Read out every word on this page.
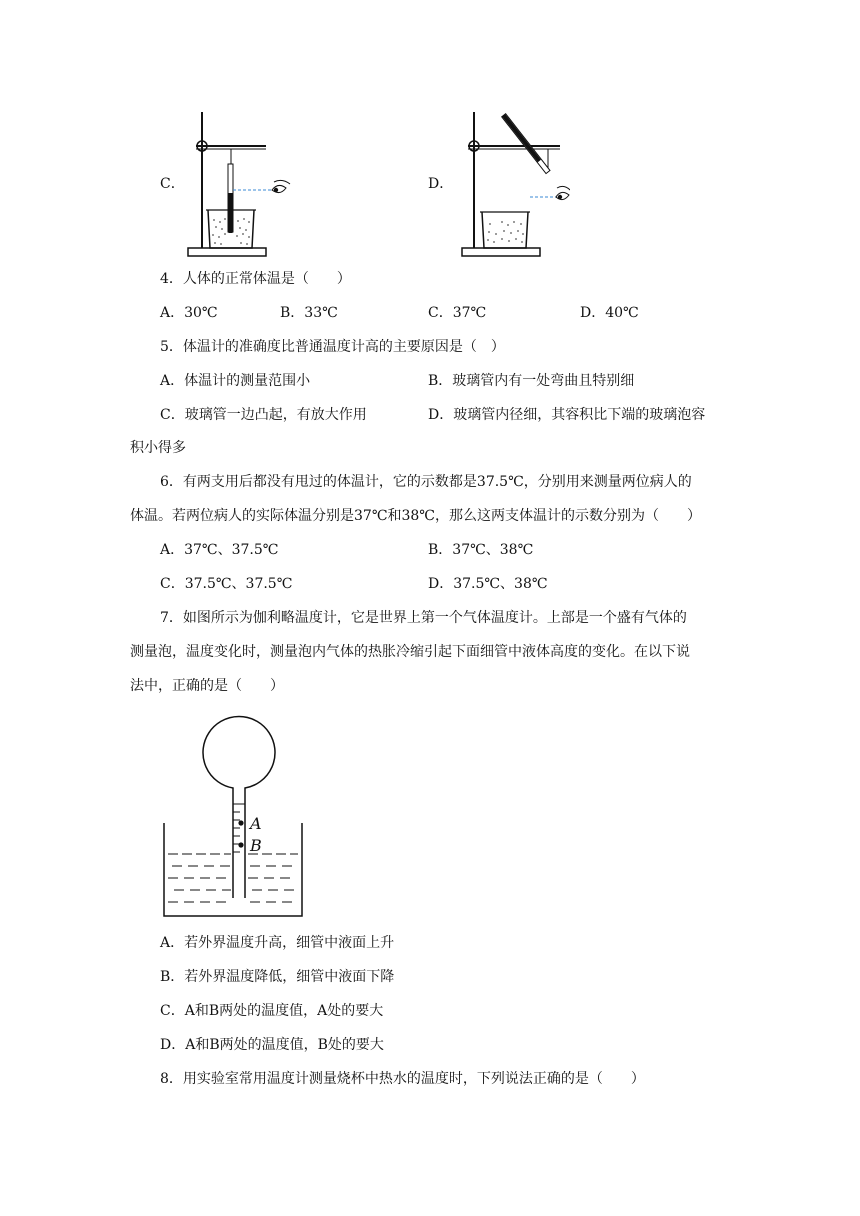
C．	D．
4．人体的正常体温是（　　）
A．30℃	B．33℃	C．37℃	D．40℃
5．体温计的准确度比普通温度计高的主要原因是（　）
A．体温计的测量范围小	B．玻璃管内有一处弯曲且特别细
C．玻璃管一边凸起，有放大作用	D．玻璃管内径细，其容积比下端的玻璃泡容
积小得多
6．有两支用后都没有甩过的体温计，它的示数都是37.5℃，分别用来测量两位病人的
体温。若两位病人的实际体温分别是37℃和38℃，那么这两支体温计的示数分别为（　　）
A．37℃、37.5℃	B．37℃、38℃
C．37.5℃、37.5℃	D．37.5℃、38℃
7．如图所示为伽利略温度计，它是世界上第一个气体温度计。上部是一个盛有气体的
测量泡，温度变化时，测量泡内气体的热胀冷缩引起下面细管中液体高度的变化。在以下说
法中，正确的是（　　）
A
B
A．若外界温度升高，细管中液面上升
B．若外界温度降低，细管中液面下降
C．A和B两处的温度值，A处的要大
D．A和B两处的温度值，B处的要大
8．用实验室常用温度计测量烧杯中热水的温度时，下列说法正确的是（　　）
